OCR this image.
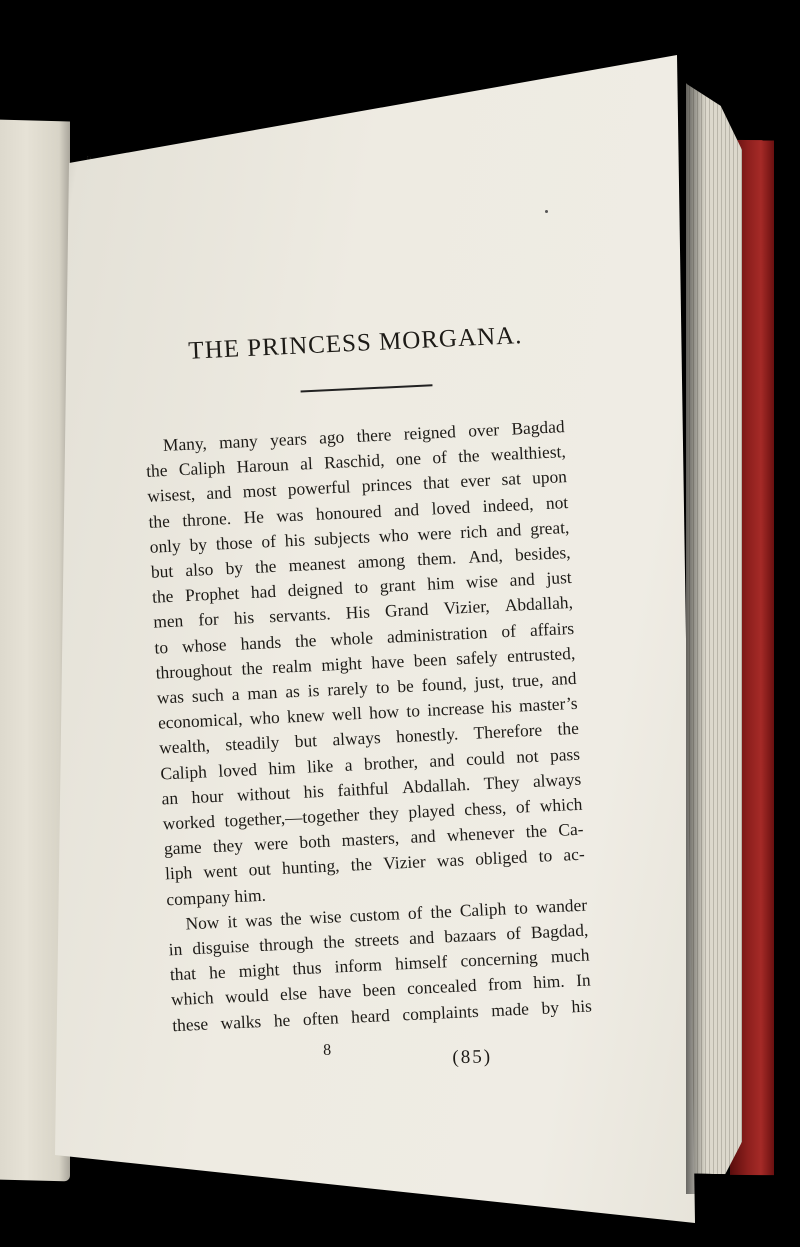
THE PRINCESS MORGANA.
Many, many years ago there reigned over Bagdad
the Caliph Haroun al Raschid, one of the wealthiest,
wisest, and most powerful princes that ever sat upon
the throne. He was honoured and loved indeed, not
only by those of his subjects who were rich and great,
but also by the meanest among them. And, besides,
the Prophet had deigned to grant him wise and just
men for his servants. His Grand Vizier, Abdallah,
to whose hands the whole administration of affairs
throughout the realm might have been safely entrusted,
was such a man as is rarely to be found, just, true, and
economical, who knew well how to increase his master’s
wealth, steadily but always honestly. Therefore the
Caliph loved him like a brother, and could not pass
an hour without his faithful Abdallah. They always
worked together,—together they played chess, of which
game they were both masters, and whenever the Ca-
liph went out hunting, the Vizier was obliged to ac-
company him.
Now it was the wise custom of the Caliph to wander
in disguise through the streets and bazaars of Bagdad,
that he might thus inform himself concerning much
which would else have been concealed from him. In
these walks he often heard complaints made by his
8	(85)
